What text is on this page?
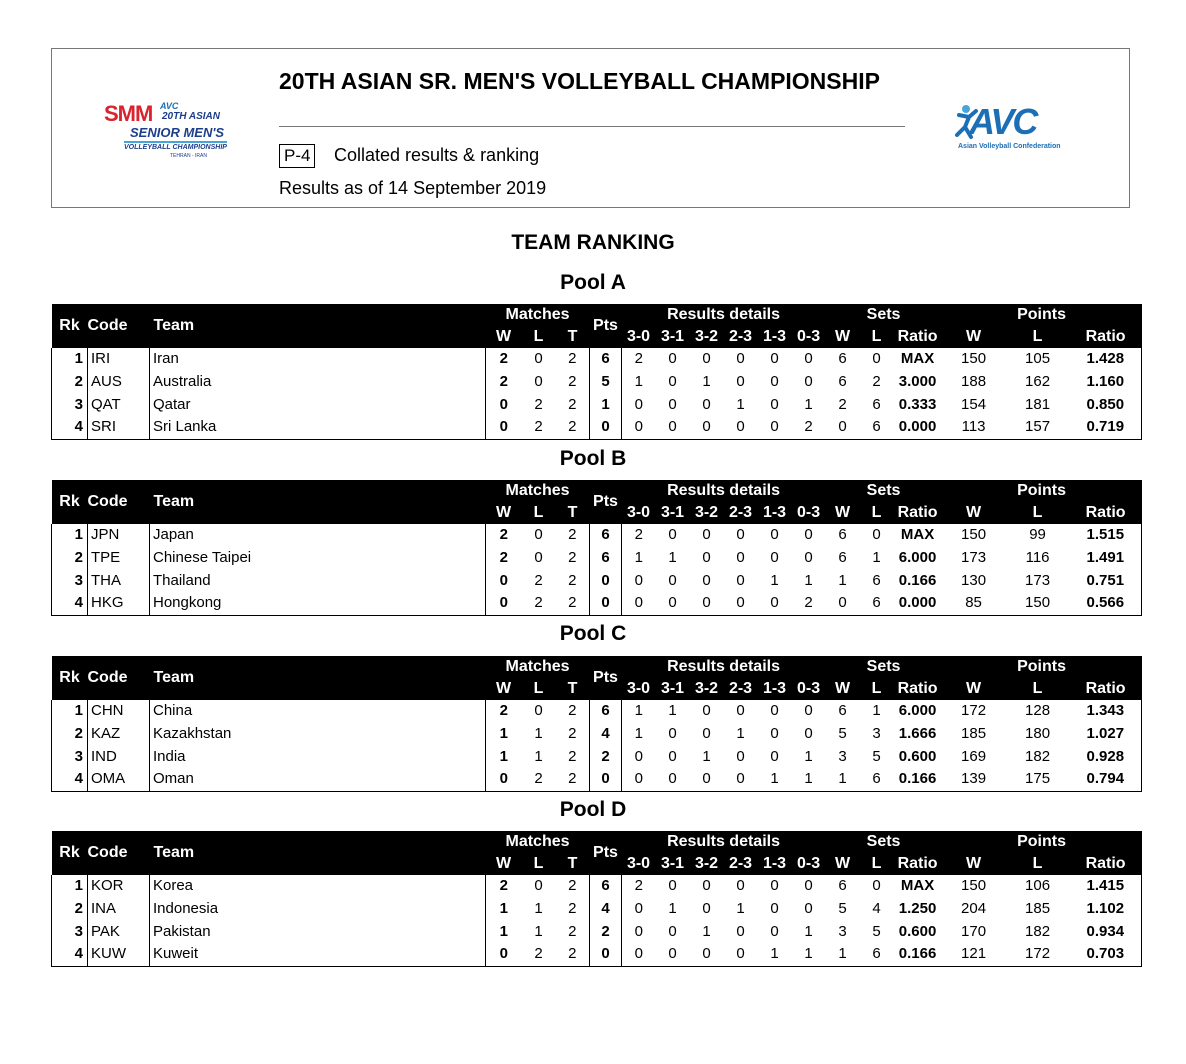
SMM AVC
20TH ASIAN
SENIOR MEN'S
VOLLEYBALL CHAMPIONSHIP
TEHRAN - IRAN
20TH ASIAN SR. MEN'S VOLLEYBALL CHAMPIONSHIP
P-4 Collated results & ranking
Results as of 14 September 2019
AVC
Asian Volleyball Confederation
TEAM RANKING
Pool A
Rk	Code	Team	Matches			Pts	Results details						Sets			Points		
			W	L	T		3-0	3-1	3-2	2-3	1-3	0-3	W	L	Ratio	W	L	Ratio
1	IRI	Iran	2	0	2	6	2	0	0	0	0	0	6	0	MAX	150	105	1.428
2	AUS	Australia	2	0	2	5	1	0	1	0	0	0	6	2	3.000	188	162	1.160
3	QAT	Qatar	0	2	2	1	0	0	0	1	0	1	2	6	0.333	154	181	0.850
4	SRI	Sri Lanka	0	2	2	0	0	0	0	0	0	2	0	6	0.000	113	157	0.719
Pool B
Rk	Code	Team	Matches			Pts	Results details						Sets			Points		
			W	L	T		3-0	3-1	3-2	2-3	1-3	0-3	W	L	Ratio	W	L	Ratio
1	JPN	Japan	2	0	2	6	2	0	0	0	0	0	6	0	MAX	150	99	1.515
2	TPE	Chinese Taipei	2	0	2	6	1	1	0	0	0	0	6	1	6.000	173	116	1.491
3	THA	Thailand	0	2	2	0	0	0	0	0	1	1	1	6	0.166	130	173	0.751
4	HKG	Hongkong	0	2	2	0	0	0	0	0	0	2	0	6	0.000	85	150	0.566
Pool C
Rk	Code	Team	Matches			Pts	Results details						Sets			Points		
			W	L	T		3-0	3-1	3-2	2-3	1-3	0-3	W	L	Ratio	W	L	Ratio
1	CHN	China	2	0	2	6	1	1	0	0	0	0	6	1	6.000	172	128	1.343
2	KAZ	Kazakhstan	1	1	2	4	1	0	0	1	0	0	5	3	1.666	185	180	1.027
3	IND	India	1	1	2	2	0	0	1	0	0	1	3	5	0.600	169	182	0.928
4	OMA	Oman	0	2	2	0	0	0	0	0	1	1	1	6	0.166	139	175	0.794
Pool D
Rk	Code	Team	Matches			Pts	Results details						Sets			Points		
			W	L	T		3-0	3-1	3-2	2-3	1-3	0-3	W	L	Ratio	W	L	Ratio
1	KOR	Korea	2	0	2	6	2	0	0	0	0	0	6	0	MAX	150	106	1.415
2	INA	Indonesia	1	1	2	4	0	1	0	1	0	0	5	4	1.250	204	185	1.102
3	PAK	Pakistan	1	1	2	2	0	0	1	0	0	1	3	5	0.600	170	182	0.934
4	KUW	Kuweit	0	2	2	0	0	0	0	0	1	1	1	6	0.166	121	172	0.703
